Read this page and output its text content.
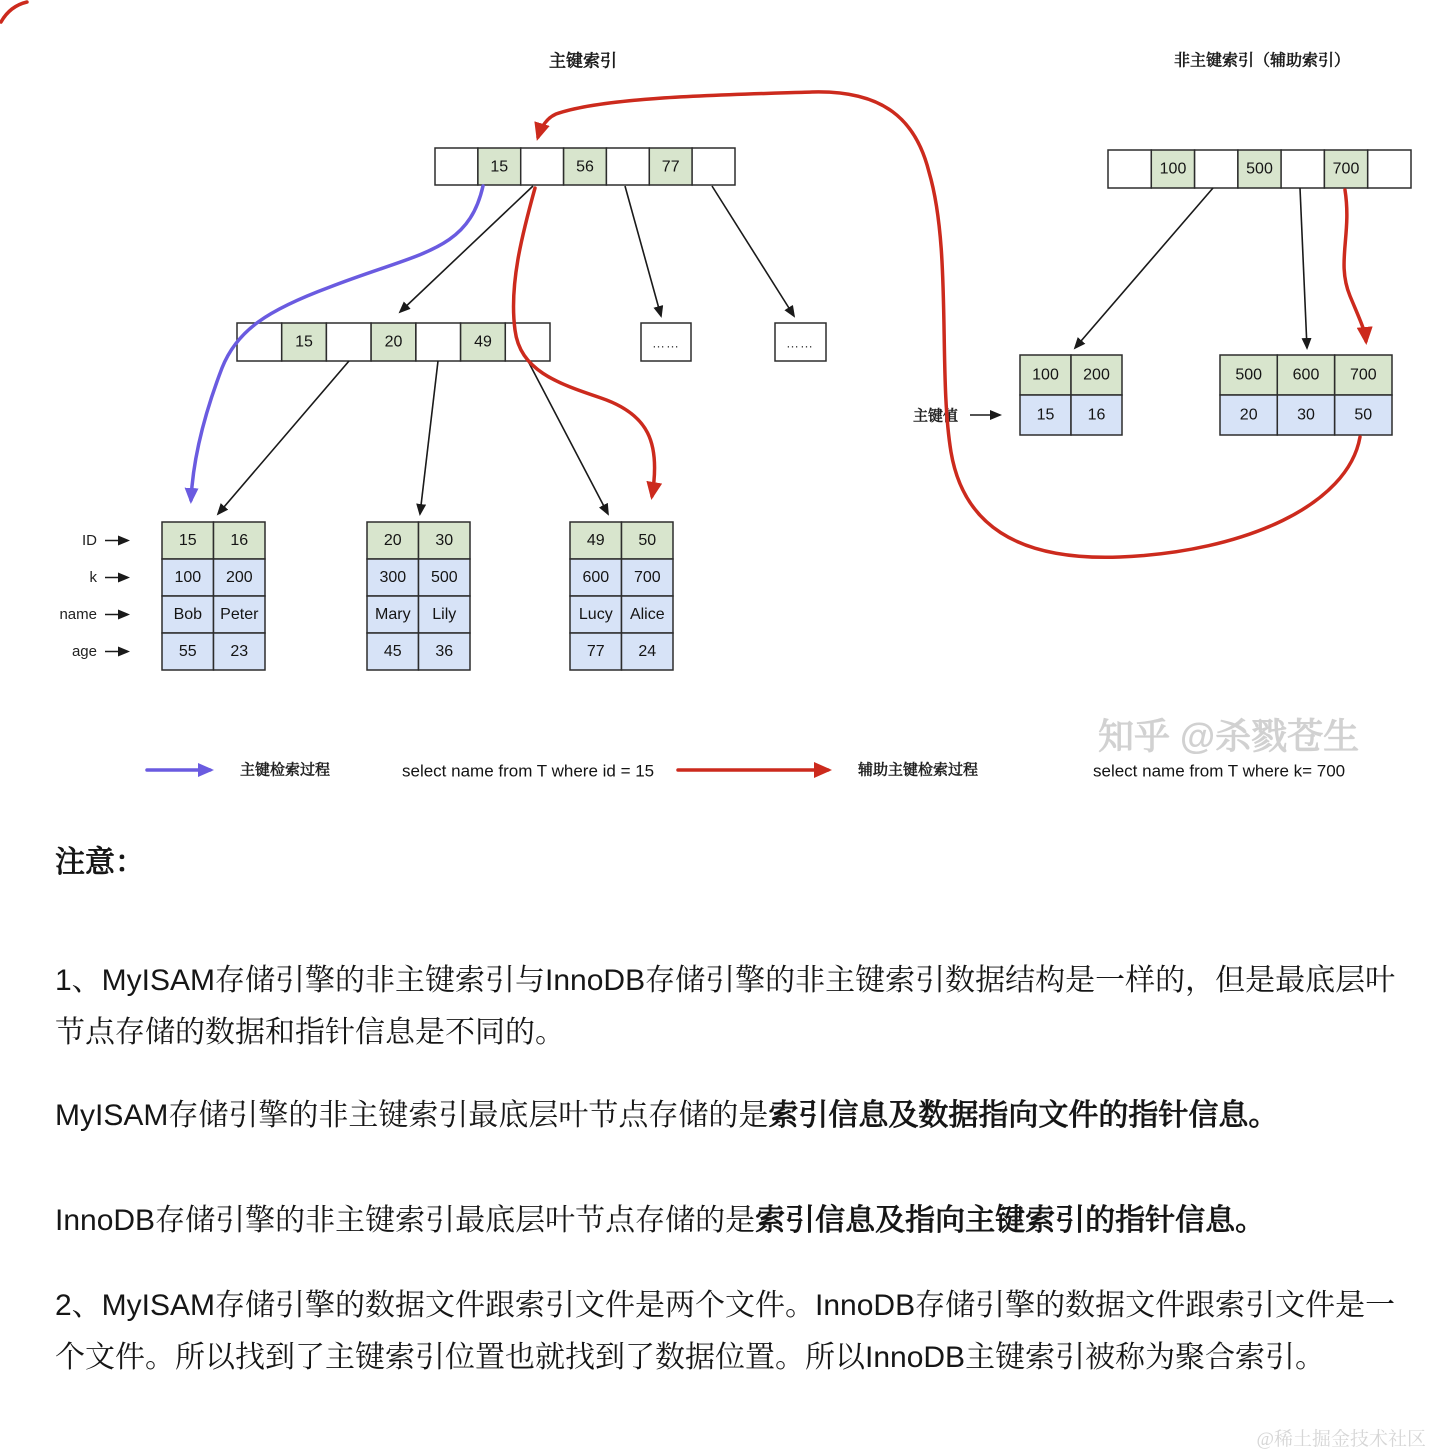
主键索引	非主键索引（辅助索引）
15	56	77
15	20	49	……	……
100	500	700
100 200
15 16
500 600 700
20 30 50
主键值
ID
k
name
age
15 16
100 200
Bob Peter
55 23
20 30
300 500
Mary Lily
45 36
49 50
600 700
Lucy Alice
77 24
主键检索过程	select name from T where id = 15	辅助主键检索过程	select name from T where k= 700
知乎 @杀戮苍生
注意：

1、MyISAM存储引擎的非主键索引与InnoDB存储引擎的非主键索引数据结构是一样的，但是最底层叶节点存储的数据和指针信息是不同的。

MyISAM存储引擎的非主键索引最底层叶节点存储的是索引信息及数据指向文件的指针信息。

InnoDB存储引擎的非主键索引最底层叶节点存储的是索引信息及指向主键索引的指针信息。

2、MyISAM存储引擎的数据文件跟索引文件是两个文件。InnoDB存储引擎的数据文件跟索引文件是一个文件。所以找到了主键索引位置也就找到了数据位置。所以InnoDB主键索引被称为聚合索引。

@稀土掘金技术社区
